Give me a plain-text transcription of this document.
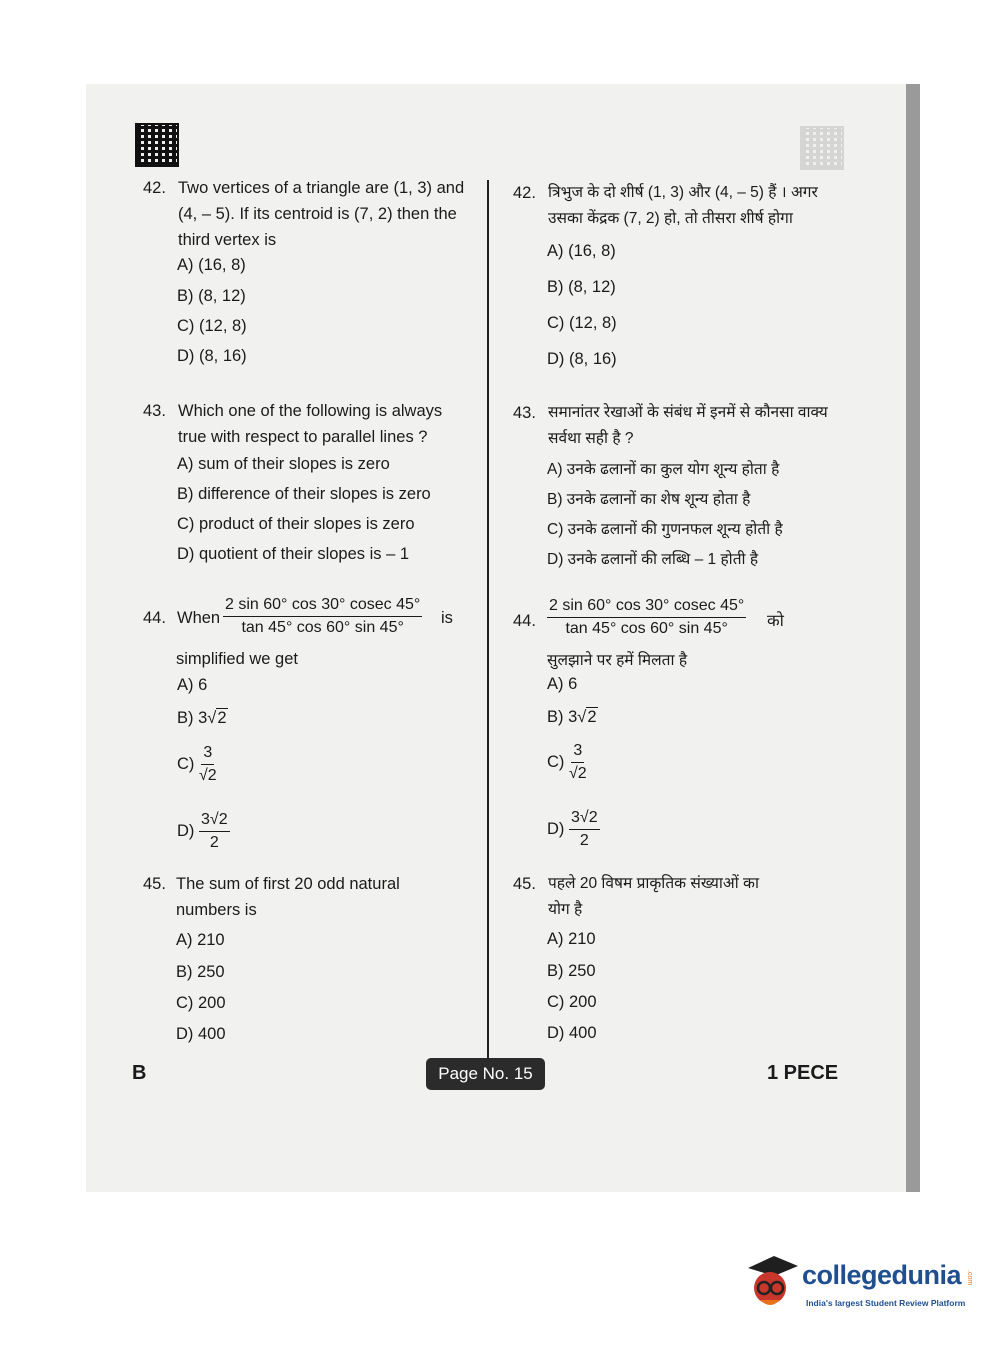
42. Two vertices of a triangle are (1, 3) and
(4, – 5). If its centroid is (7, 2) then the
third vertex is
A) (16, 8)
B) (8, 12)
C) (12, 8)
D) (8, 16)
43. Which one of the following is always
true with respect to parallel lines ?
A) sum of their slopes is zero
B) difference of their slopes is zero
C) product of their slopes is zero
D) quotient of their slopes is – 1
44. When $\frac{2 \sin 60^\circ \cos 30^\circ cosec 45^\circ}{\tan 45^\circ \cos 60^\circ \sin 45^\circ}$ is
simplified we get
A) 6
B) 3√2
$C) \frac{3}{√2}$
$D) \frac{3√2}{2}$
45. The sum of first 20 odd natural
numbers is
A) 210
B) 250
C) 200
D) 400
42. त्रिभुज के दो शीर्ष (1, 3) और (4, – 5) हैं । अगर
उसका केंद्रक (7, 2) हो, तो तीसरा शीर्ष होगा
A) (16, 8)
B) (8, 12)
C) (12, 8)
D) (8, 16)
43. समानांतर रेखाओं के संबंध में इनमें से कौनसा वाक्य
सर्वथा सही है ?
A) उनके ढलानों का कुल योग शून्य होता है
B) उनके ढलानों का शेष शून्य होता है
C) उनके ढलानों की गुणनफल शून्य होती है
D) उनके ढलानों की लब्धि – 1 होती है
44. $\frac{2 \sin 60^\circ \cos 30^\circ cosec 45^\circ}{\tan 45^\circ \cos 60^\circ \sin 45^\circ}$ को
सुलझाने पर हमें मिलता है
A) 6
B) 3√2
$C) \frac{3}{√2}$
$D) \frac{3√2}{2}$
45. पहले 20 विषम प्राकृतिक संख्याओं का
योग है
A) 210
B) 250
C) 200
D) 400
B	Page No. 15	1 PECE
collegedunia .com
India's largest Student Review Platform
